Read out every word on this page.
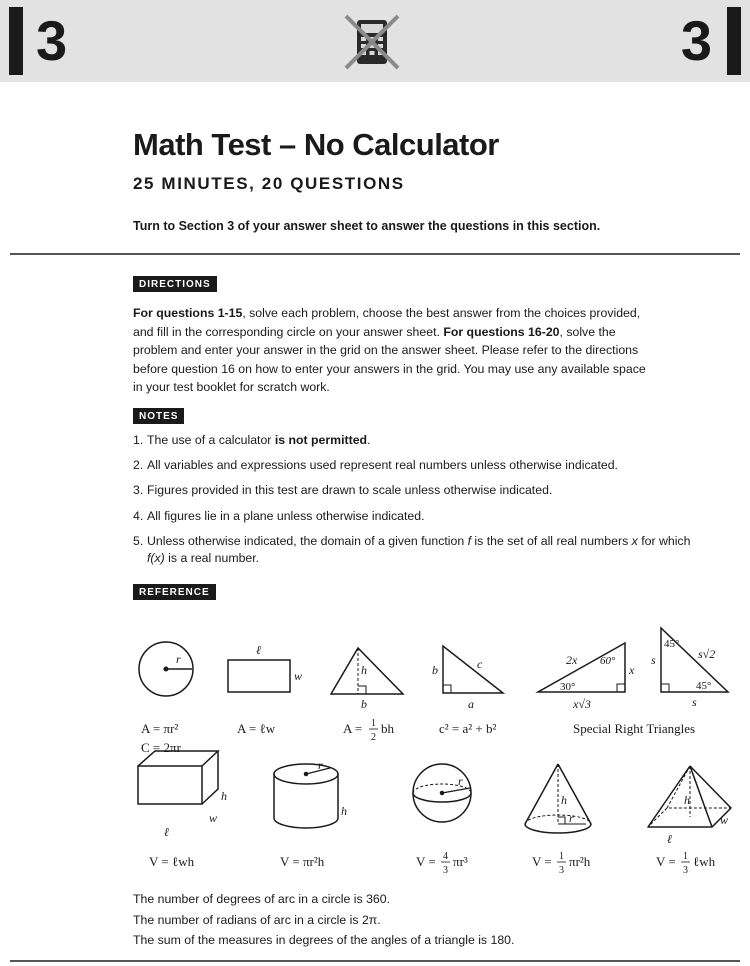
3	3
Math Test – No Calculator
25 MINUTES, 20 QUESTIONS
Turn to Section 3 of your answer sheet to answer the questions in this section.
DIRECTIONS
For questions 1-15, solve each problem, choose the best answer from the choices provided, and fill in the corresponding circle on your answer sheet. For questions 16-20, solve the problem and enter your answer in the grid on the answer sheet. Please refer to the directions before question 16 on how to enter your answers in the grid. You may use any available space in your test booklet for scratch work.
NOTES
1. The use of a calculator is not permitted.
2. All variables and expressions used represent real numbers unless otherwise indicated.
3. Figures provided in this test are drawn to scale unless otherwise indicated.
4. All figures lie in a plane unless otherwise indicated.
5. Unless otherwise indicated, the domain of a given function f is the set of all real numbers x for which f(x) is a real number.
REFERENCE
r
ℓ
w	h
b
b
a
c	2x 60°
x
30°
x√3
45°
s	s√2
45°
s
h
w
ℓ
r
h
r
h
r
h
w
ℓ
A = πr²
C = 2πr
A = ℓw	A = 1
2
bh	c² = a² + b²	Special Right Triangles
V = ℓwh	V = πr²h	V = 4
3
πr³	V = 1
3
πr²h	V = 1
3
ℓwh
The number of degrees of arc in a circle is 360.
The number of radians of arc in a circle is 2π.
The sum of the measures in degrees of the angles of a triangle is 180.
